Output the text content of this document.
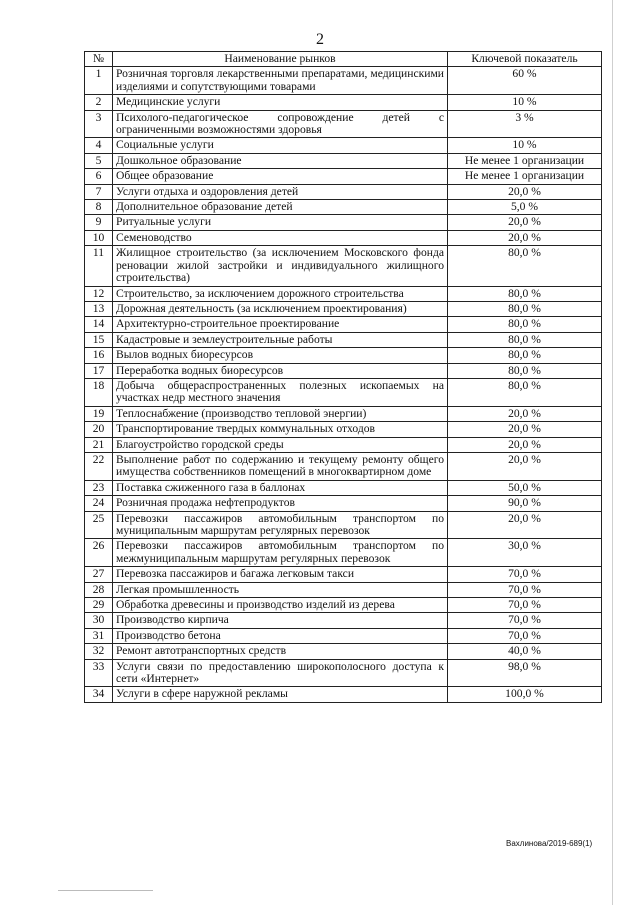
2
№	Наименование рынков	Ключевой показатель
1	Розничная торговля лекарственными препаратами, медицинскими изделиями и сопутствующими товарами	60 %
2	Медицинские услуги	10 %
3	Психолого-педагогическое сопровождение детей с ограниченными возможностями здоровья	3 %
4	Социальные услуги	10 %
5	Дошкольное образование	Не менее 1 организации
6	Общее образование	Не менее 1 организации
7	Услуги отдыха и оздоровления детей	20,0 %
8	Дополнительное образование детей	5,0 %
9	Ритуальные услуги	20,0 %
10	Семеноводство	20,0 %
11	Жилищное строительство (за исключением Московского фонда реновации жилой застройки и индивидуального жилищного строительства)	80,0 %
12	Строительство, за исключением дорожного строительства	80,0 %
13	Дорожная деятельность (за исключением проектирования)	80,0 %
14	Архитектурно-строительное проектирование	80,0 %
15	Кадастровые и землеустроительные работы	80,0 %
16	Вылов водных биоресурсов	80,0 %
17	Переработка водных биоресурсов	80,0 %
18	Добыча общераспространенных полезных ископаемых на участках недр местного значения	80,0 %
19	Теплоснабжение (производство тепловой энергии)	20,0 %
20	Транспортирование твердых коммунальных отходов	20,0 %
21	Благоустройство городской среды	20,0 %
22	Выполнение работ по содержанию и текущему ремонту общего имущества собственников помещений в многоквартирном доме	20,0 %
23	Поставка сжиженного газа в баллонах	50,0 %
24	Розничная продажа нефтепродуктов	90,0 %
25	Перевозки пассажиров автомобильным транспортом по муниципальным маршрутам регулярных перевозок	20,0 %
26	Перевозки пассажиров автомобильным транспортом по межмуниципальным маршрутам регулярных перевозок	30,0 %
27	Перевозка пассажиров и багажа легковым такси	70,0 %
28	Легкая промышленность	70,0 %
29	Обработка древесины и производство изделий из дерева	70,0 %
30	Производство кирпича	70,0 %
31	Производство бетона	70,0 %
32	Ремонт автотранспортных средств	40,0 %
33	Услуги связи по предоставлению широкополосного доступа к сети «Интернет»	98,0 %
34	Услуги в сфере наружной рекламы	100,0 %
Вахлинова/2019-689(1)
